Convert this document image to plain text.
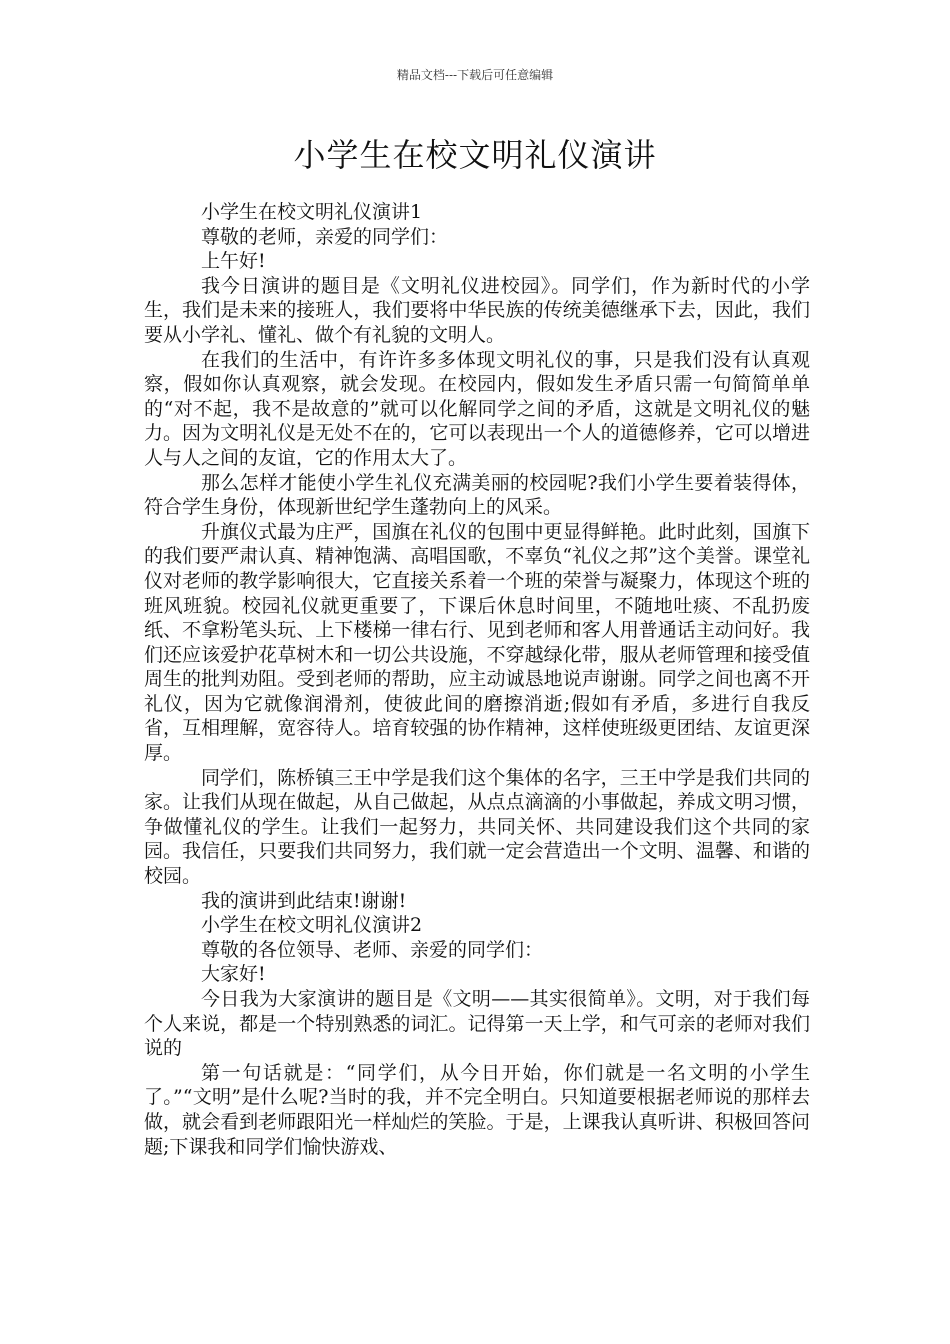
精品文档---下载后可任意编辑
小学生在校文明礼仪演讲

小学生在校文明礼仪演讲1

尊敬的老师，亲爱的同学们：

上午好!

我今日演讲的题目是《文明礼仪进校园》。同学们，作为新时代的小学生，我们是未来的接班人，我们要将中华民族的传统美德继承下去，因此，我们要从小学礼、懂礼、做个有礼貌的文明人。

在我们的生活中，有许许多多体现文明礼仪的事，只是我们没有认真观察，假如你认真观察，就会发现。在校园内，假如发生矛盾只需一句简简单单的“对不起，我不是故意的”就可以化解同学之间的矛盾，这就是文明礼仪的魅力。因为文明礼仪是无处不在的，它可以表现出一个人的道德修养，它可以增进人与人之间的友谊，它的作用太大了。

那么怎样才能使小学生礼仪充满美丽的校园呢?我们小学生要着装得体，符合学生身份，体现新世纪学生蓬勃向上的风采。

升旗仪式最为庄严，国旗在礼仪的包围中更显得鲜艳。此时此刻，国旗下的我们要严肃认真、精神饱满、高唱国歌，不辜负“礼仪之邦”这个美誉。课堂礼仪对老师的教学影响很大，它直接关系着一个班的荣誉与凝聚力，体现这个班的班风班貌。校园礼仪就更重要了，下课后休息时间里，不随地吐痰、不乱扔废纸、不拿粉笔头玩、上下楼梯一律右行、见到老师和客人用普通话主动问好。我们还应该爱护花草树木和一切公共设施，不穿越绿化带，服从老师管理和接受值周生的批判劝阻。受到老师的帮助，应主动诚恳地说声谢谢。同学之间也离不开礼仪，因为它就像润滑剂，使彼此间的磨擦消逝;假如有矛盾，多进行自我反省，互相理解，宽容待人。培育较强的协作精神，这样使班级更团结、友谊更深厚。

同学们，陈桥镇三王中学是我们这个集体的名字，三王中学是我们共同的家。让我们从现在做起，从自己做起，从点点滴滴的小事做起，养成文明习惯，争做懂礼仪的学生。让我们一起努力，共同关怀、共同建设我们这个共同的家园。我信任，只要我们共同努力，我们就一定会营造出一个文明、温馨、和谐的校园。

我的演讲到此结束!谢谢!

小学生在校文明礼仪演讲2

尊敬的各位领导、老师、亲爱的同学们：

大家好!

今日我为大家演讲的题目是《文明——其实很简单》。文明，对于我们每个人来说，都是一个特别熟悉的词汇。记得第一天上学，和气可亲的老师对我们说的

第一句话就是：“同学们，从今日开始，你们就是一名文明的小学生了。”“文明”是什么呢?当时的我，并不完全明白。只知道要根据老师说的那样去做，就会看到老师跟阳光一样灿烂的笑脸。于是，上课我认真听讲、积极回答问题;下课我和同学们愉快游戏、
